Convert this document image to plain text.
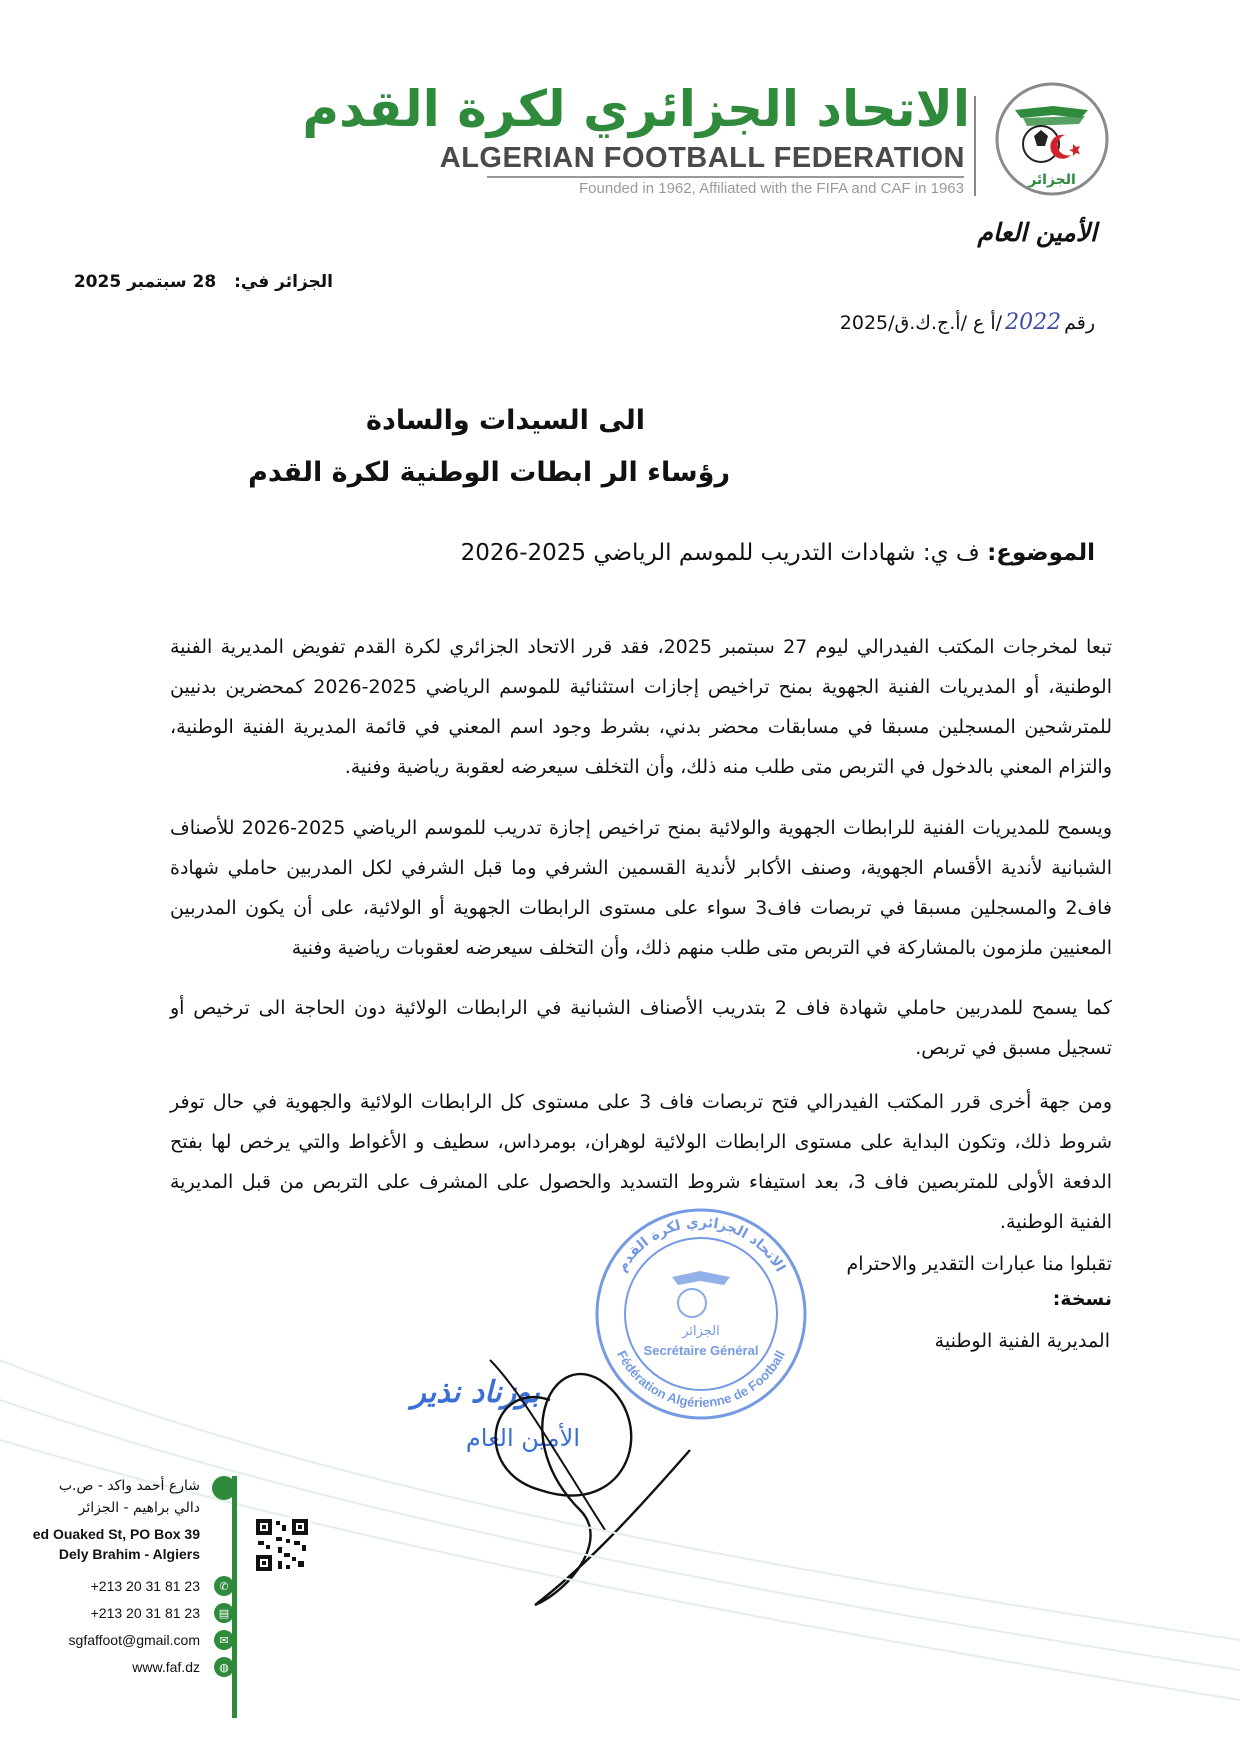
الاتحاد الجزائري لكرة القدم
ALGERIAN FOOTBALL FEDERATION
Founded in 1962, Affiliated with the FIFA and CAF in 1963	الجزائر
الأمين العام
الجزائر في: 28 سبتمبر 2025
رقم2022/أ ع /أ.ج.ك.ق/2025
الى السيدات والسادة
رؤساء الر ابطات الوطنية لكرة القدم
الموضوع: ف ي: شهادات التدريب للموسم الرياضي 2025-2026
تبعا لمخرجات المكتب الفيدرالي ليوم 27 سبتمبر 2025، فقد قرر الاتحاد الجزائري لكرة القدم تفويض المديرية الفنية الوطنية، أو المديريات الفنية الجهوية بمنح تراخيص إجازات استثنائية للموسم الرياضي 2025-2026 كمحضرين بدنيين للمترشحين المسجلين مسبقا في مسابقات محضر بدني، بشرط وجود اسم المعني في قائمة المديرية الفنية الوطنية، والتزام المعني بالدخول في التربص متى طلب منه ذلك، وأن التخلف سيعرضه لعقوبة رياضية وفنية.
ويسمح للمديريات الفنية للرابطات الجهوية والولائية بمنح تراخيص إجازة تدريب للموسم الرياضي 2025-2026 للأصناف الشبانية لأندية الأقسام الجهوية، وصنف الأكابر لأندية القسمين الشرفي وما قبل الشرفي لكل المدربين حاملي شهادة فاف2 والمسجلين مسبقا في تربصات فاف3 سواء على مستوى الرابطات الجهوية أو الولائية، على أن يكون المدربين المعنيين ملزمون بالمشاركة في التربص متى طلب منهم ذلك، وأن التخلف سيعرضه لعقوبات رياضية وفنية
كما يسمح للمدربين حاملي شهادة فاف 2 بتدريب الأصناف الشبانية في الرابطات الولائية دون الحاجة الى ترخيص أو تسجيل مسبق في تربص.
ومن جهة أخرى قرر المكتب الفيدرالي فتح تربصات فاف 3 على مستوى كل الرابطات الولائية والجهوية في حال توفر شروط ذلك، وتكون البداية على مستوى الرابطات الولائية لوهران، بومرداس، سطيف و الأغواط والتي يرخص لها بفتح الدفعة الأولى للمتربصين فاف 3، بعد استيفاء شروط التسديد والحصول على المشرف على التربص من قبل المديرية الفنية الوطنية.
الاتحاد الجزائري لكرة القدم
Fédération Algérienne de Football
الجزائر
Secrétaire Général
تقبلوا منا عبارات التقدير والاحترام
نسخة:
المديرية الفنية الوطنية
بوزناد نذير
الأمين العام
شارع أحمد واكد - ص.ب
دالي براهيم - الجزائر
ed Ouaked St, PO Box 39
Dely Brahim - Algiers
✆
+213 20 31 81 23
▤
+213 20 31 81 23
✉
sgfaffoot@gmail.com
◍
www.faf.dz
